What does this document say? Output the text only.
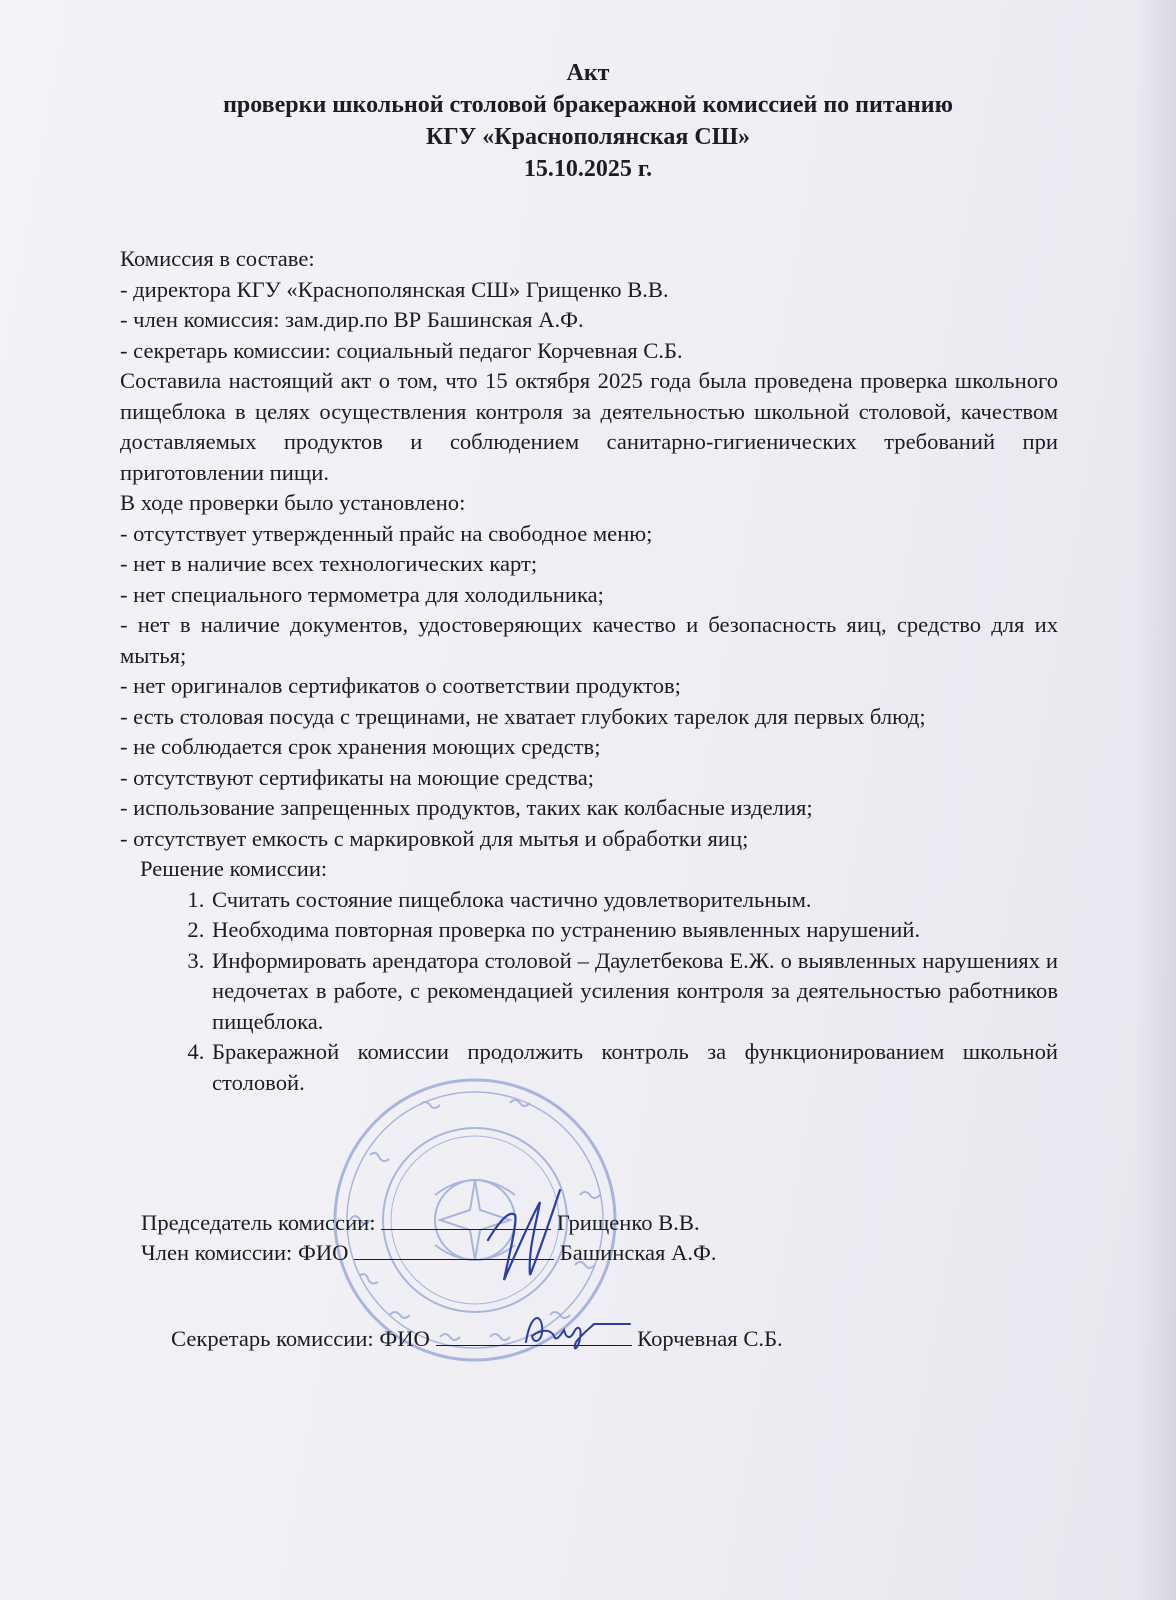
Акт
проверки школьной столовой бракеражной комиссией по питанию
КГУ «Краснополянская СШ»
15.10.2025 г.
Комиссия в составе:
- директора КГУ «Краснополянская СШ» Грищенко В.В.
- член комиссия: зам.дир.по ВР Башинская А.Ф.
- секретарь комиссии: социальный педагог Корчевная С.Б.
Составила настоящий акт о том, что 15 октября 2025 года была проведена проверка школьного пищеблока в целях осуществления контроля за деятельностью школьной столовой, качеством доставляемых продуктов и соблюдением санитарно-гигиенических требований при приготовлении пищи.
В ходе проверки было установлено:
- отсутствует утвержденный прайс на свободное меню;
- нет в наличие всех технологических карт;
- нет специального термометра для холодильника;
- нет в наличие документов, удостоверяющих качество и безопасность яиц, средство для их мытья;
- нет оригиналов сертификатов о соответствии продуктов;
- есть столовая посуда с трещинами, не хватает глубоких тарелок для первых блюд;
- не соблюдается срок хранения моющих средств;
- отсутствуют сертификаты на моющие средства;
- использование запрещенных продуктов, таких как колбасные изделия;
- отсутствует емкость с маркировкой для мытья и обработки яиц;
Решение комиссии:
1. Считать состояние пищеблока частично удовлетворительным.
2. Необходима повторная проверка по устранению выявленных нарушений.
3. Информировать арендатора столовой – Даулетбекова Е.Ж. о выявленных нарушениях и недочетах в работе, с рекомендацией усиления контроля за деятельностью работников пищеблока.
4. Бракеражной комиссии продолжить контроль за функционированием школьной столовой.
Председатель комиссии:	Грищенко В.В.
Член комиссии: ФИО	Башинская А.Ф.
Секретарь комиссии: ФИО	Корчевная С.Б.
